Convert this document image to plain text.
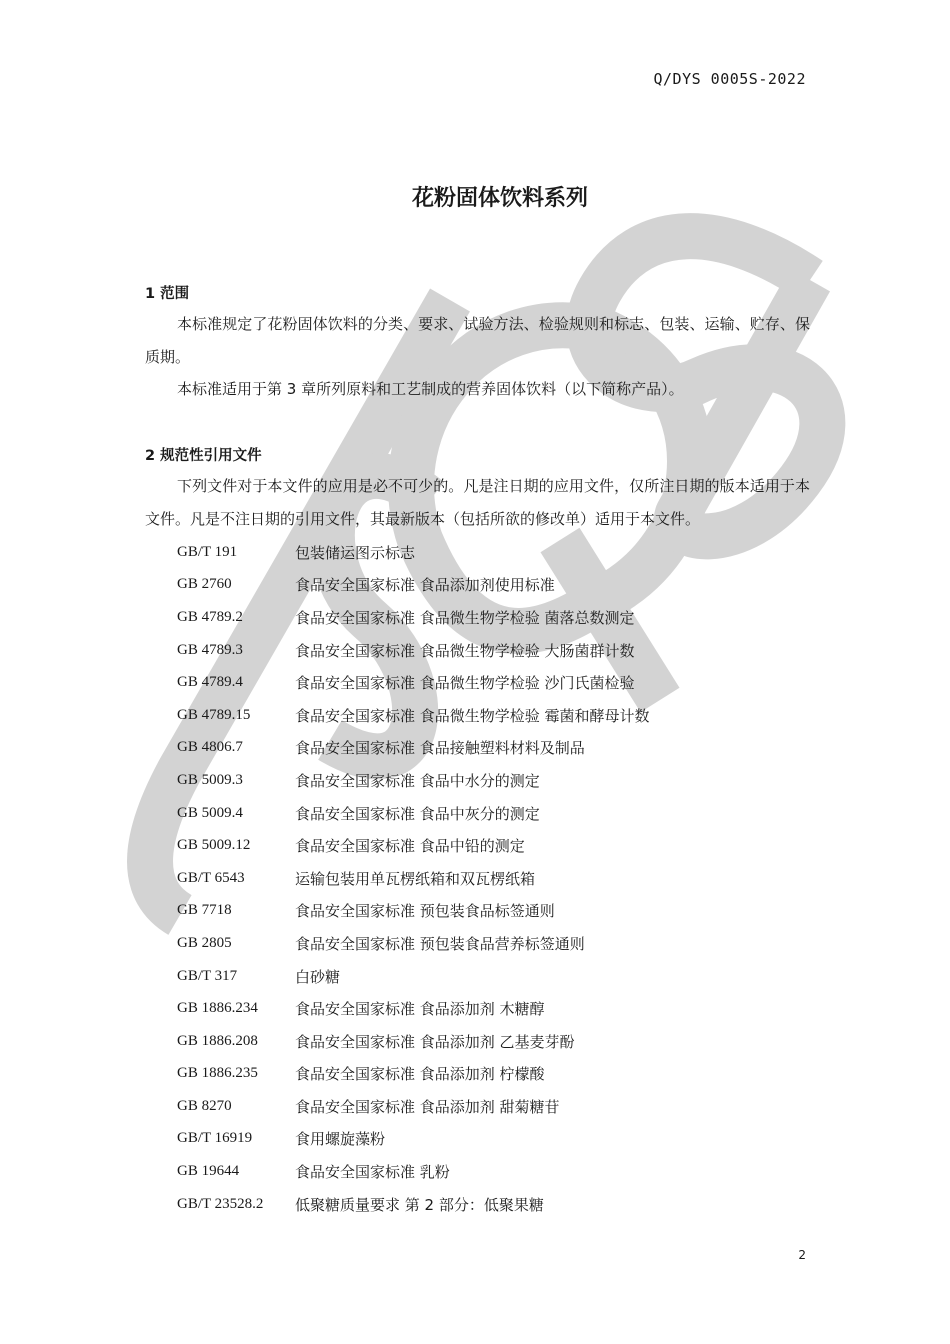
Q/DYS 0005S-2022
花粉固体饮料系列
1 范围
本标准规定了花粉固体饮料的分类、要求、试验方法、检验规则和标志、包装、运输、贮存、保质期。
本标准适用于第 3 章所列原料和工艺制成的营养固体饮料（以下简称产品）。
2 规范性引用文件
下列文件对于本文件的应用是必不可少的。凡是注日期的应用文件，仅所注日期的版本适用于本文件。凡是不注日期的引用文件，其最新版本（包括所欲的修改单）适用于本文件。
GB/T 191	包装储运图示标志
GB 2760	食品安全国家标准 食品添加剂使用标准
GB 4789.2	食品安全国家标准 食品微生物学检验 菌落总数测定
GB 4789.3	食品安全国家标准 食品微生物学检验 大肠菌群计数
GB 4789.4	食品安全国家标准 食品微生物学检验 沙门氏菌检验
GB 4789.15	食品安全国家标准 食品微生物学检验 霉菌和酵母计数
GB 4806.7	食品安全国家标准 食品接触塑料材料及制品
GB 5009.3	食品安全国家标准 食品中水分的测定
GB 5009.4	食品安全国家标准 食品中灰分的测定
GB 5009.12	食品安全国家标准 食品中铅的测定
GB/T 6543	运输包装用单瓦楞纸箱和双瓦楞纸箱
GB 7718	食品安全国家标准 预包装食品标签通则
GB 2805	食品安全国家标准 预包装食品营养标签通则
GB/T 317	白砂糖
GB 1886.234	食品安全国家标准 食品添加剂 木糖醇
GB 1886.208	食品安全国家标准 食品添加剂 乙基麦芽酚
GB 1886.235	食品安全国家标准 食品添加剂 柠檬酸
GB 8270	食品安全国家标准 食品添加剂 甜菊糖苷
GB/T 16919	食用螺旋藻粉
GB 19644	食品安全国家标准 乳粉
GB/T 23528.2	低聚糖质量要求 第 2 部分：低聚果糖
2
